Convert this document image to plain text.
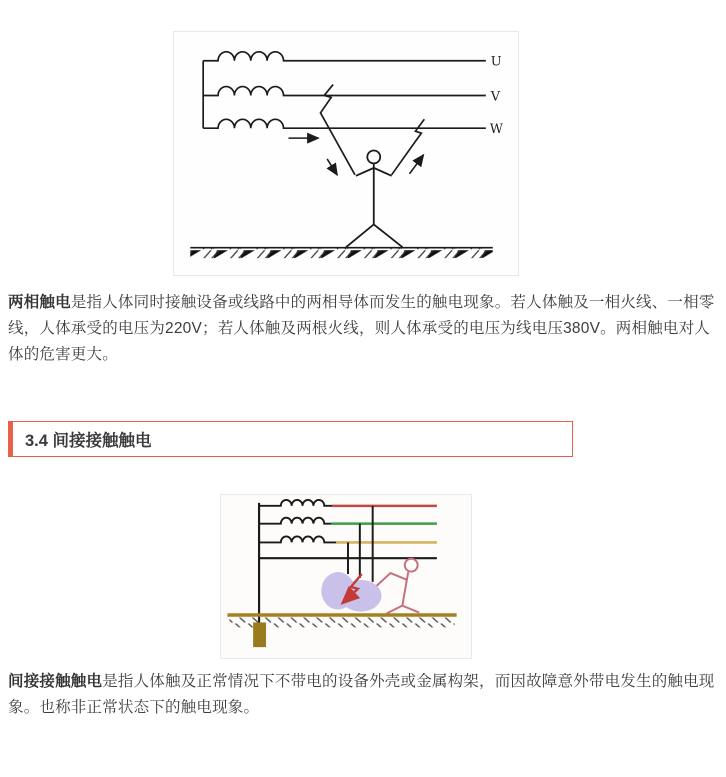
U
V
W

两相触电是指人体同时接触设备或线路中的两相导体而发生的触电现象。若人体触及一相火线、一相零线，人体承受的电压为220V；若人体触及两根火线，则人体承受的电压为线电压380V。两相触电对人体的危害更大。

3.4 间接接触触电

间接接触触电是指人体触及正常情况下不带电的设备外壳或金属构架，而因故障意外带电发生的触电现象。也称非正常状态下的触电现象。
